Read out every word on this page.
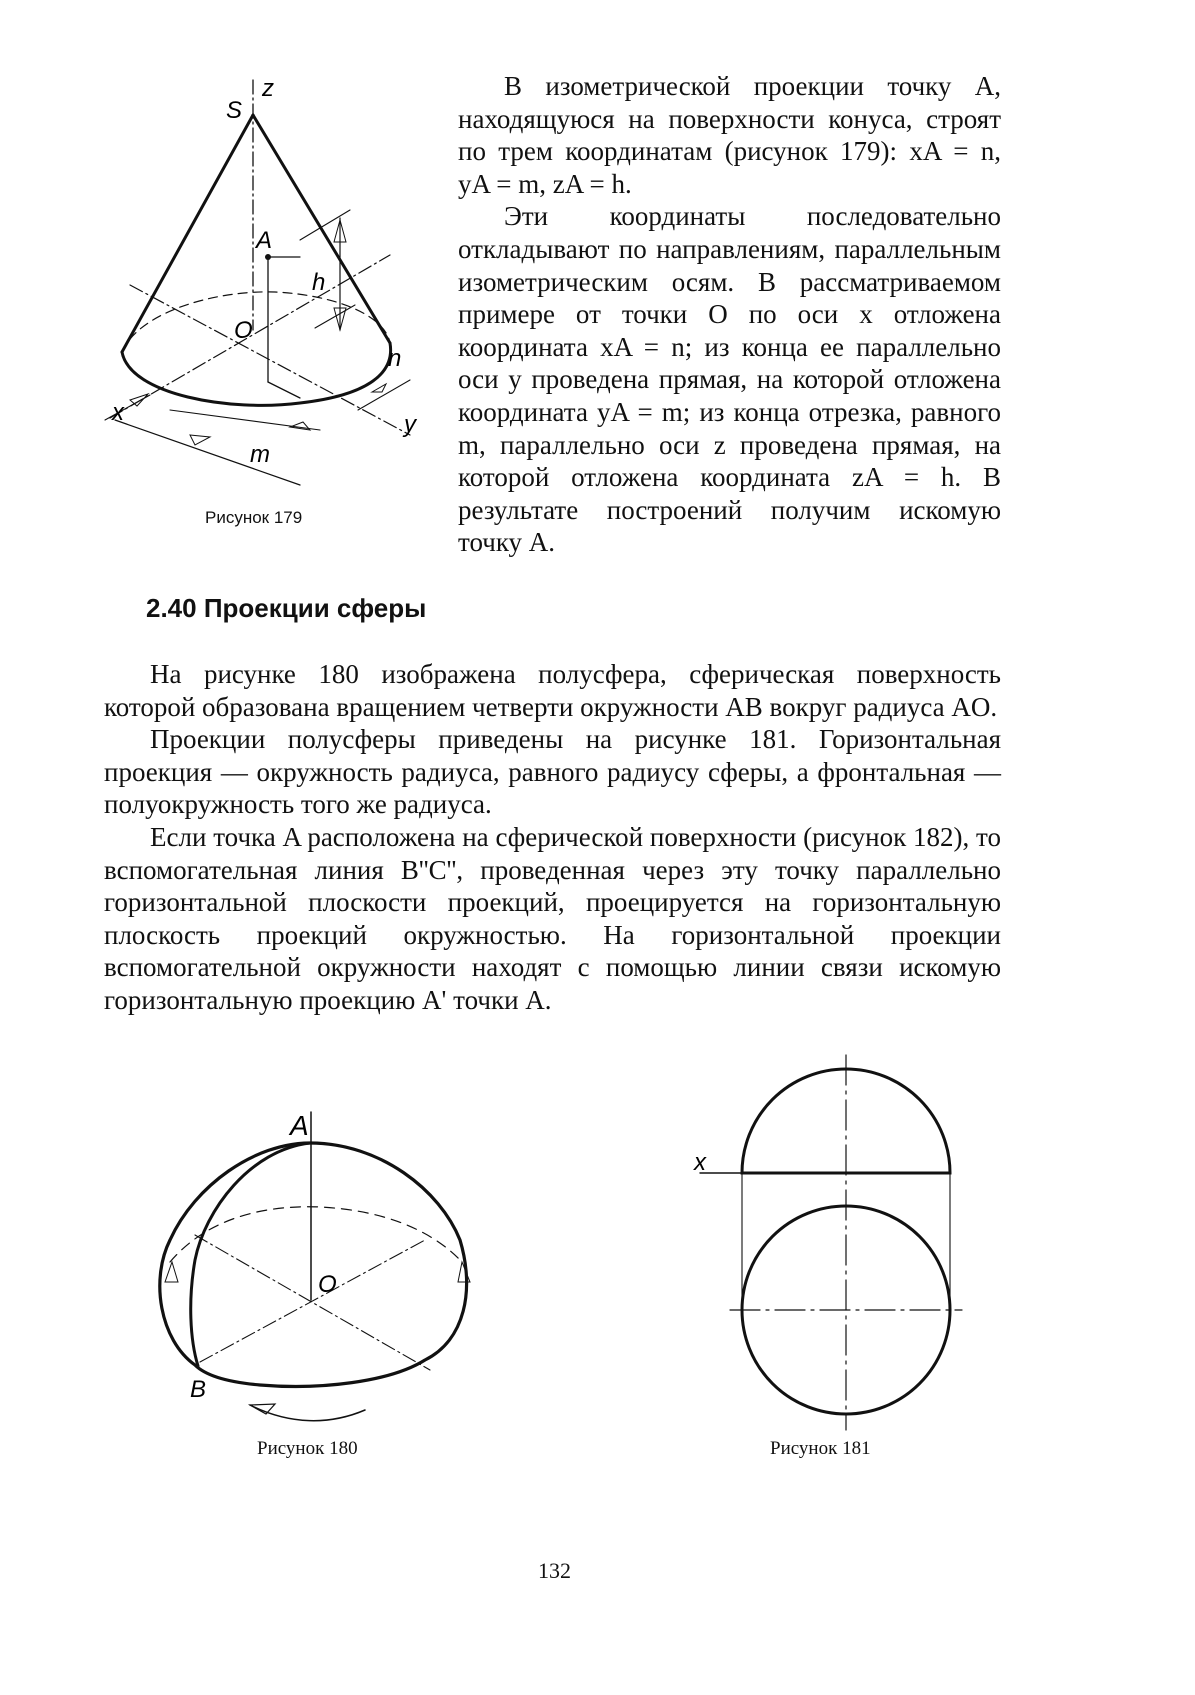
z
S
A
O
h
n
x	y
m
Рисунок 179

В изометрической проекции точку A, находящуюся на поверхности конуса, строят по трем координатам (рисунок 179): xA = n, yA = m, zA = h.

Эти координаты последовательно откладывают по направлениям, параллельным изометрическим осям. В рассматриваемом примере от точки O по оси x отложена координата xA = n; из конца ее параллельно оси y проведена прямая, на которой отложена координата yA = m; из конца отрезка, равного m, параллельно оси z проведена прямая, на которой отложена координата zA = h. В результате построений получим искомую точку A.

2.40 Проекции сферы

На рисунке 180 изображена полусфера, сферическая поверхность которой образована вращением четверти окружности AB вокруг радиуса AO.

Проекции полусферы приведены на рисунке 181. Горизонтальная проекция — окружность радиуса, равного радиусу сферы, а фронтальная — полуокружность того же радиуса.

Если точка A расположена на сферической поверхности (рисунок 182), то вспомогательная линия B''C'', проведенная через эту точку параллельно горизонтальной плоскости проекций, проецируется на горизонтальную плоскость проекций окружностью. На горизонтальной проекции вспомогательной окружности находят с помощью линии связи искомую горизонтальную проекцию A' точки A.

A
O
B
Рисунок 180
x
Рисунок 181
132
